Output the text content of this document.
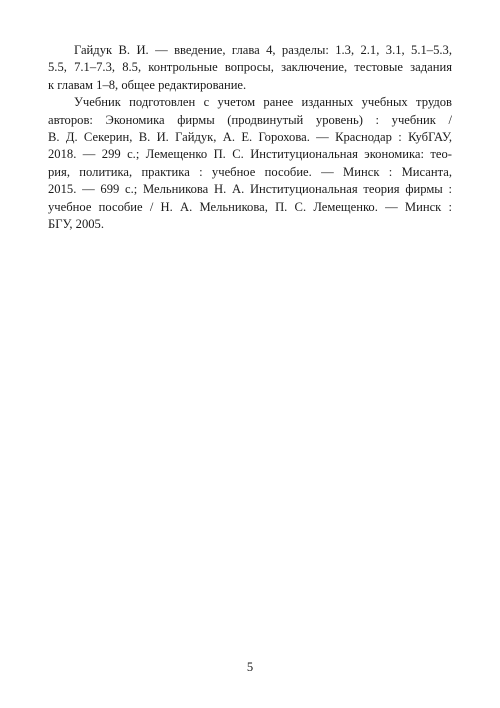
Гайдук В. И. — введение, глава 4, разделы: 1.3, 2.1, 3.1, 5.1–5.3,
5.5, 7.1–7.3, 8.5, контрольные вопросы, заключение, тестовые задания
к главам 1–8, общее редактирование.
Учебник подготовлен с учетом ранее изданных учебных трудов
авторов: Экономика фирмы (продвинутый уровень) : учебник /
В. Д. Секерин, В. И. Гайдук, А. Е. Горохова. — Краснодар : КубГАУ,
2018. — 299 с.; Лемещенко П. С. Институциональная экономика: тео-
рия, политика, практика : учебное пособие. — Минск : Мисанта,
2015. — 699 с.; Мельникова Н. А. Институциональная теория фирмы :
учебное пособие / Н. А. Мельникова, П. С. Лемещенко. — Минск :
БГУ, 2005.
5
